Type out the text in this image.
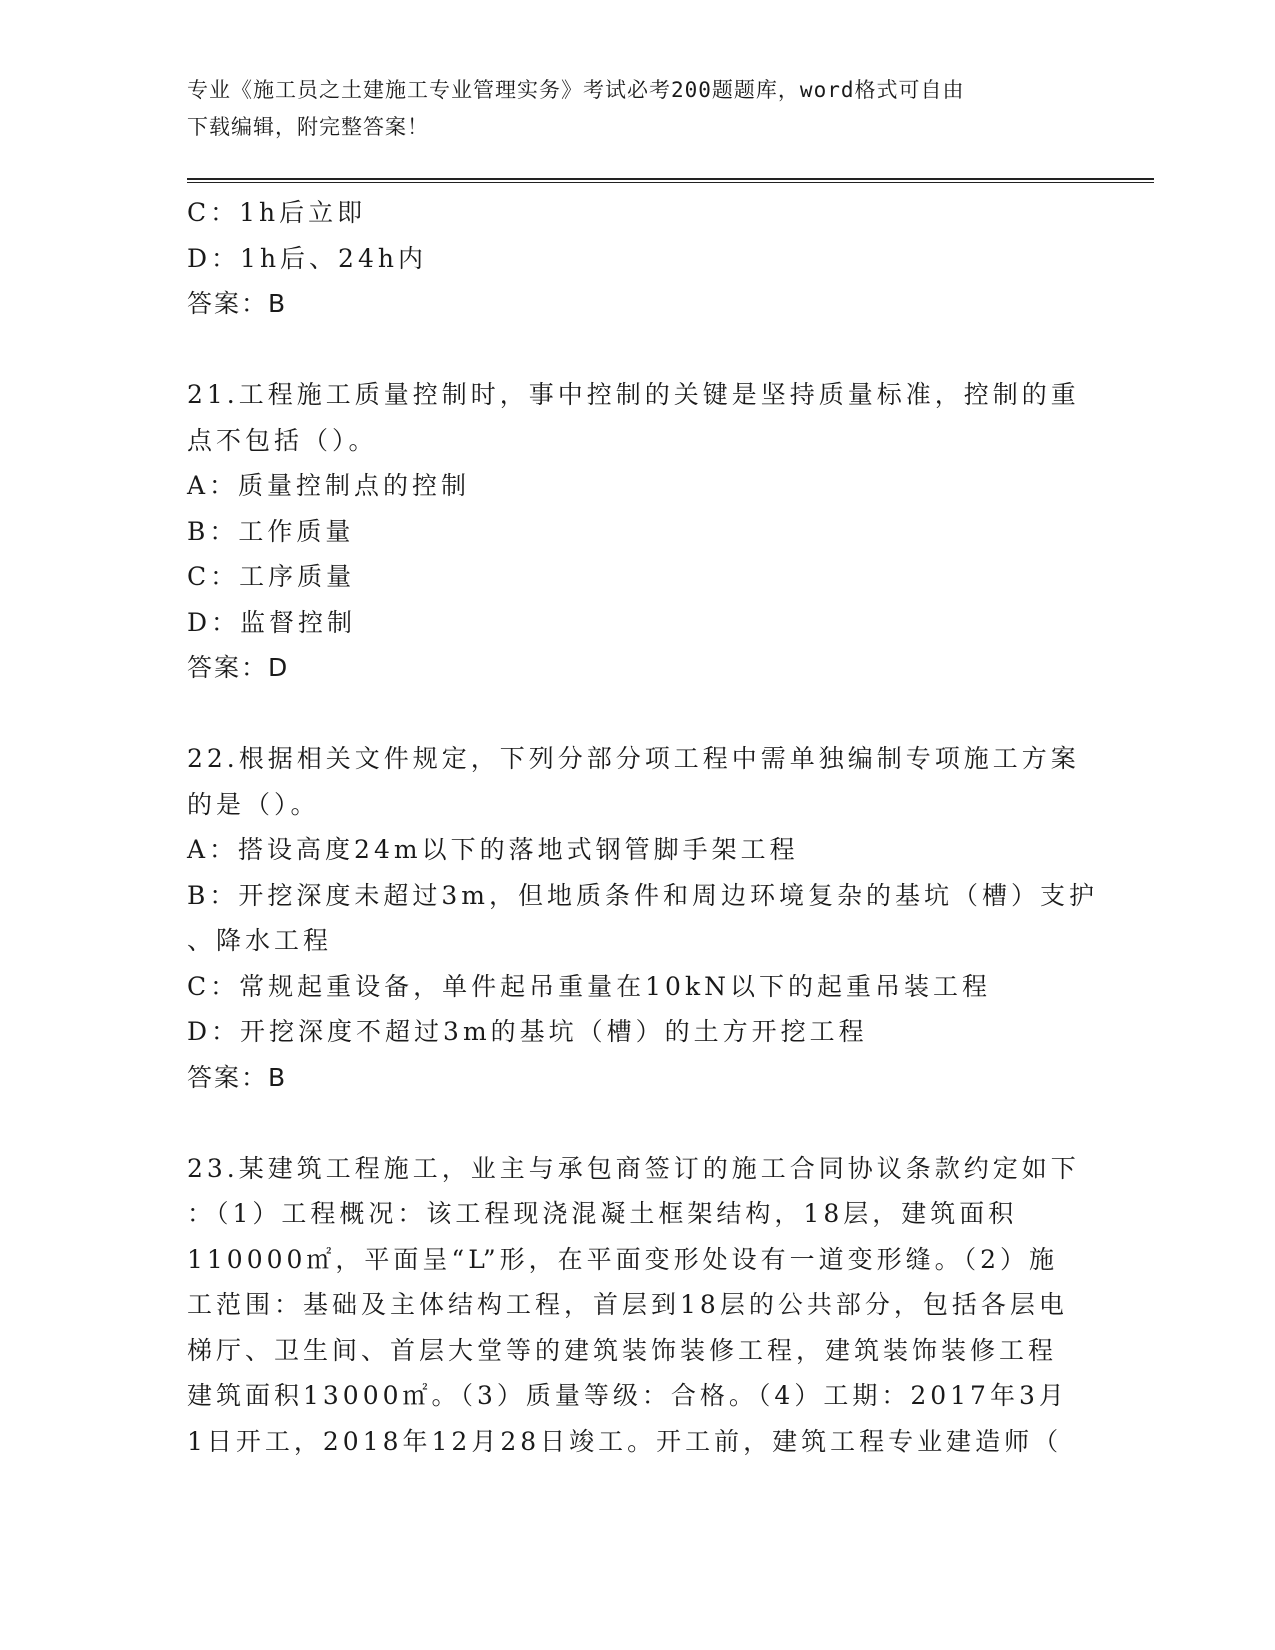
专业《施工员之土建施工专业管理实务》考试必考200题题库，word格式可自由
下载编辑，附完整答案！
C：1h后立即
D：1h后、24h内
答案：B
21.工程施工质量控制时，事中控制的关键是坚持质量标准，控制的重
点不包括（）。
A：质量控制点的控制
B：工作质量
C：工序质量
D：监督控制
答案：D
22.根据相关文件规定，下列分部分项工程中需单独编制专项施工方案
的是（）。
A：搭设高度24m以下的落地式钢管脚手架工程
B：开挖深度未超过3m，但地质条件和周边环境复杂的基坑（槽）支护
、降水工程
C：常规起重设备，单件起吊重量在10kN以下的起重吊装工程
D：开挖深度不超过3m的基坑（槽）的土方开挖工程
答案：B
23.某建筑工程施工，业主与承包商签订的施工合同协议条款约定如下
：（1）工程概况：该工程现浇混凝土框架结构，18层，建筑面积
110000㎡，平面呈“L”形，在平面变形处设有一道变形缝。（2）施
工范围：基础及主体结构工程，首层到18层的公共部分，包括各层电
梯厅、卫生间、首层大堂等的建筑装饰装修工程，建筑装饰装修工程
建筑面积13000㎡。（3）质量等级：合格。（4）工期：2017年3月
1日开工，2018年12月28日竣工。开工前，建筑工程专业建造师（
